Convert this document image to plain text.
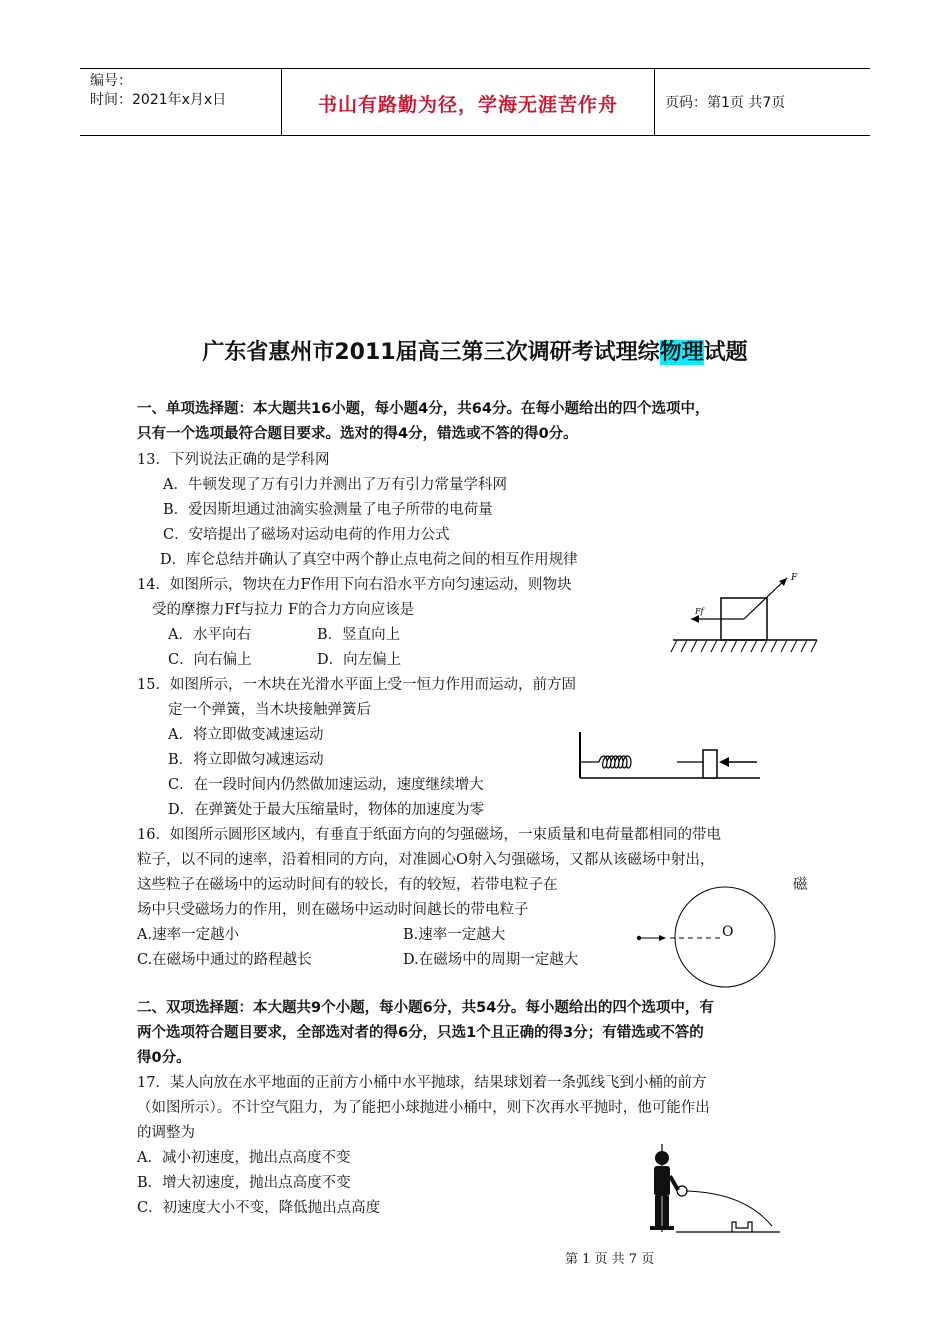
编号：
时间：2021年x月x日	书山有路勤为径，学海无涯苦作舟	页码：第1页 共7页
广东省惠州市2011届高三第三次调研考试理综物理试题
一、单项选择题：本大题共16小题，每小题4分，共64分。在每小题给出的四个选项中，
只有一个选项最符合题目要求。选对的得4分，错选或不答的得0分。
13．下列说法正确的是学科网
A．牛顿发现了万有引力并测出了万有引力常量学科网
B．爱因斯坦通过油滴实验测量了电子所带的电荷量
C．安培提出了磁场对运动电荷的作用力公式
D．库仑总结并确认了真空中两个静止点电荷之间的相互作用规律
14．如图所示，物块在力F作用下向右沿水平方向匀速运动，则物块
受的摩擦力Ff与拉力 F的合力方向应该是
A．水平向右	B．竖直向上
C．向右偏上	D．向左偏上
F
Ff
15．如图所示，一木块在光滑水平面上受一恒力作用而运动，前方固
定一个弹簧，当木块接触弹簧后
A．将立即做变减速运动
B．将立即做匀减速运动
C．在一段时间内仍然做加速运动，速度继续增大
D．在弹簧处于最大压缩量时，物体的加速度为零
16．如图所示圆形区域内，有垂直于纸面方向的匀强磁场，一束质量和电荷量都相同的带电
粒子，以不同的速率，沿着相同的方向，对准圆心O射入匀强磁场，又都从该磁场中射出，
这些粒子在磁场中的运动时间有的较长，有的较短，若带电粒子在	磁
场中只受磁场力的作用，则在磁场中运动时间越长的带电粒子
A.速率一定越小	B.速率一定越大
C.在磁场中通过的路程越长	D.在磁场中的周期一定越大
O
二、双项选择题：本大题共9个小题，每小题6分，共54分。每小题给出的四个选项中，有
两个选项符合题目要求，全部选对者的得6分，只选1个且正确的得3分；有错选或不答的
得0分。
17．某人向放在水平地面的正前方小桶中水平抛球，结果球划着一条弧线飞到小桶的前方
（如图所示）。不计空气阻力，为了能把小球抛进小桶中，则下次再水平抛时，他可能作出
的调整为
A．减小初速度，抛出点高度不变
B．增大初速度，抛出点高度不变
C．初速度大小不变，降低抛出点高度
第 1 页 共 7 页
